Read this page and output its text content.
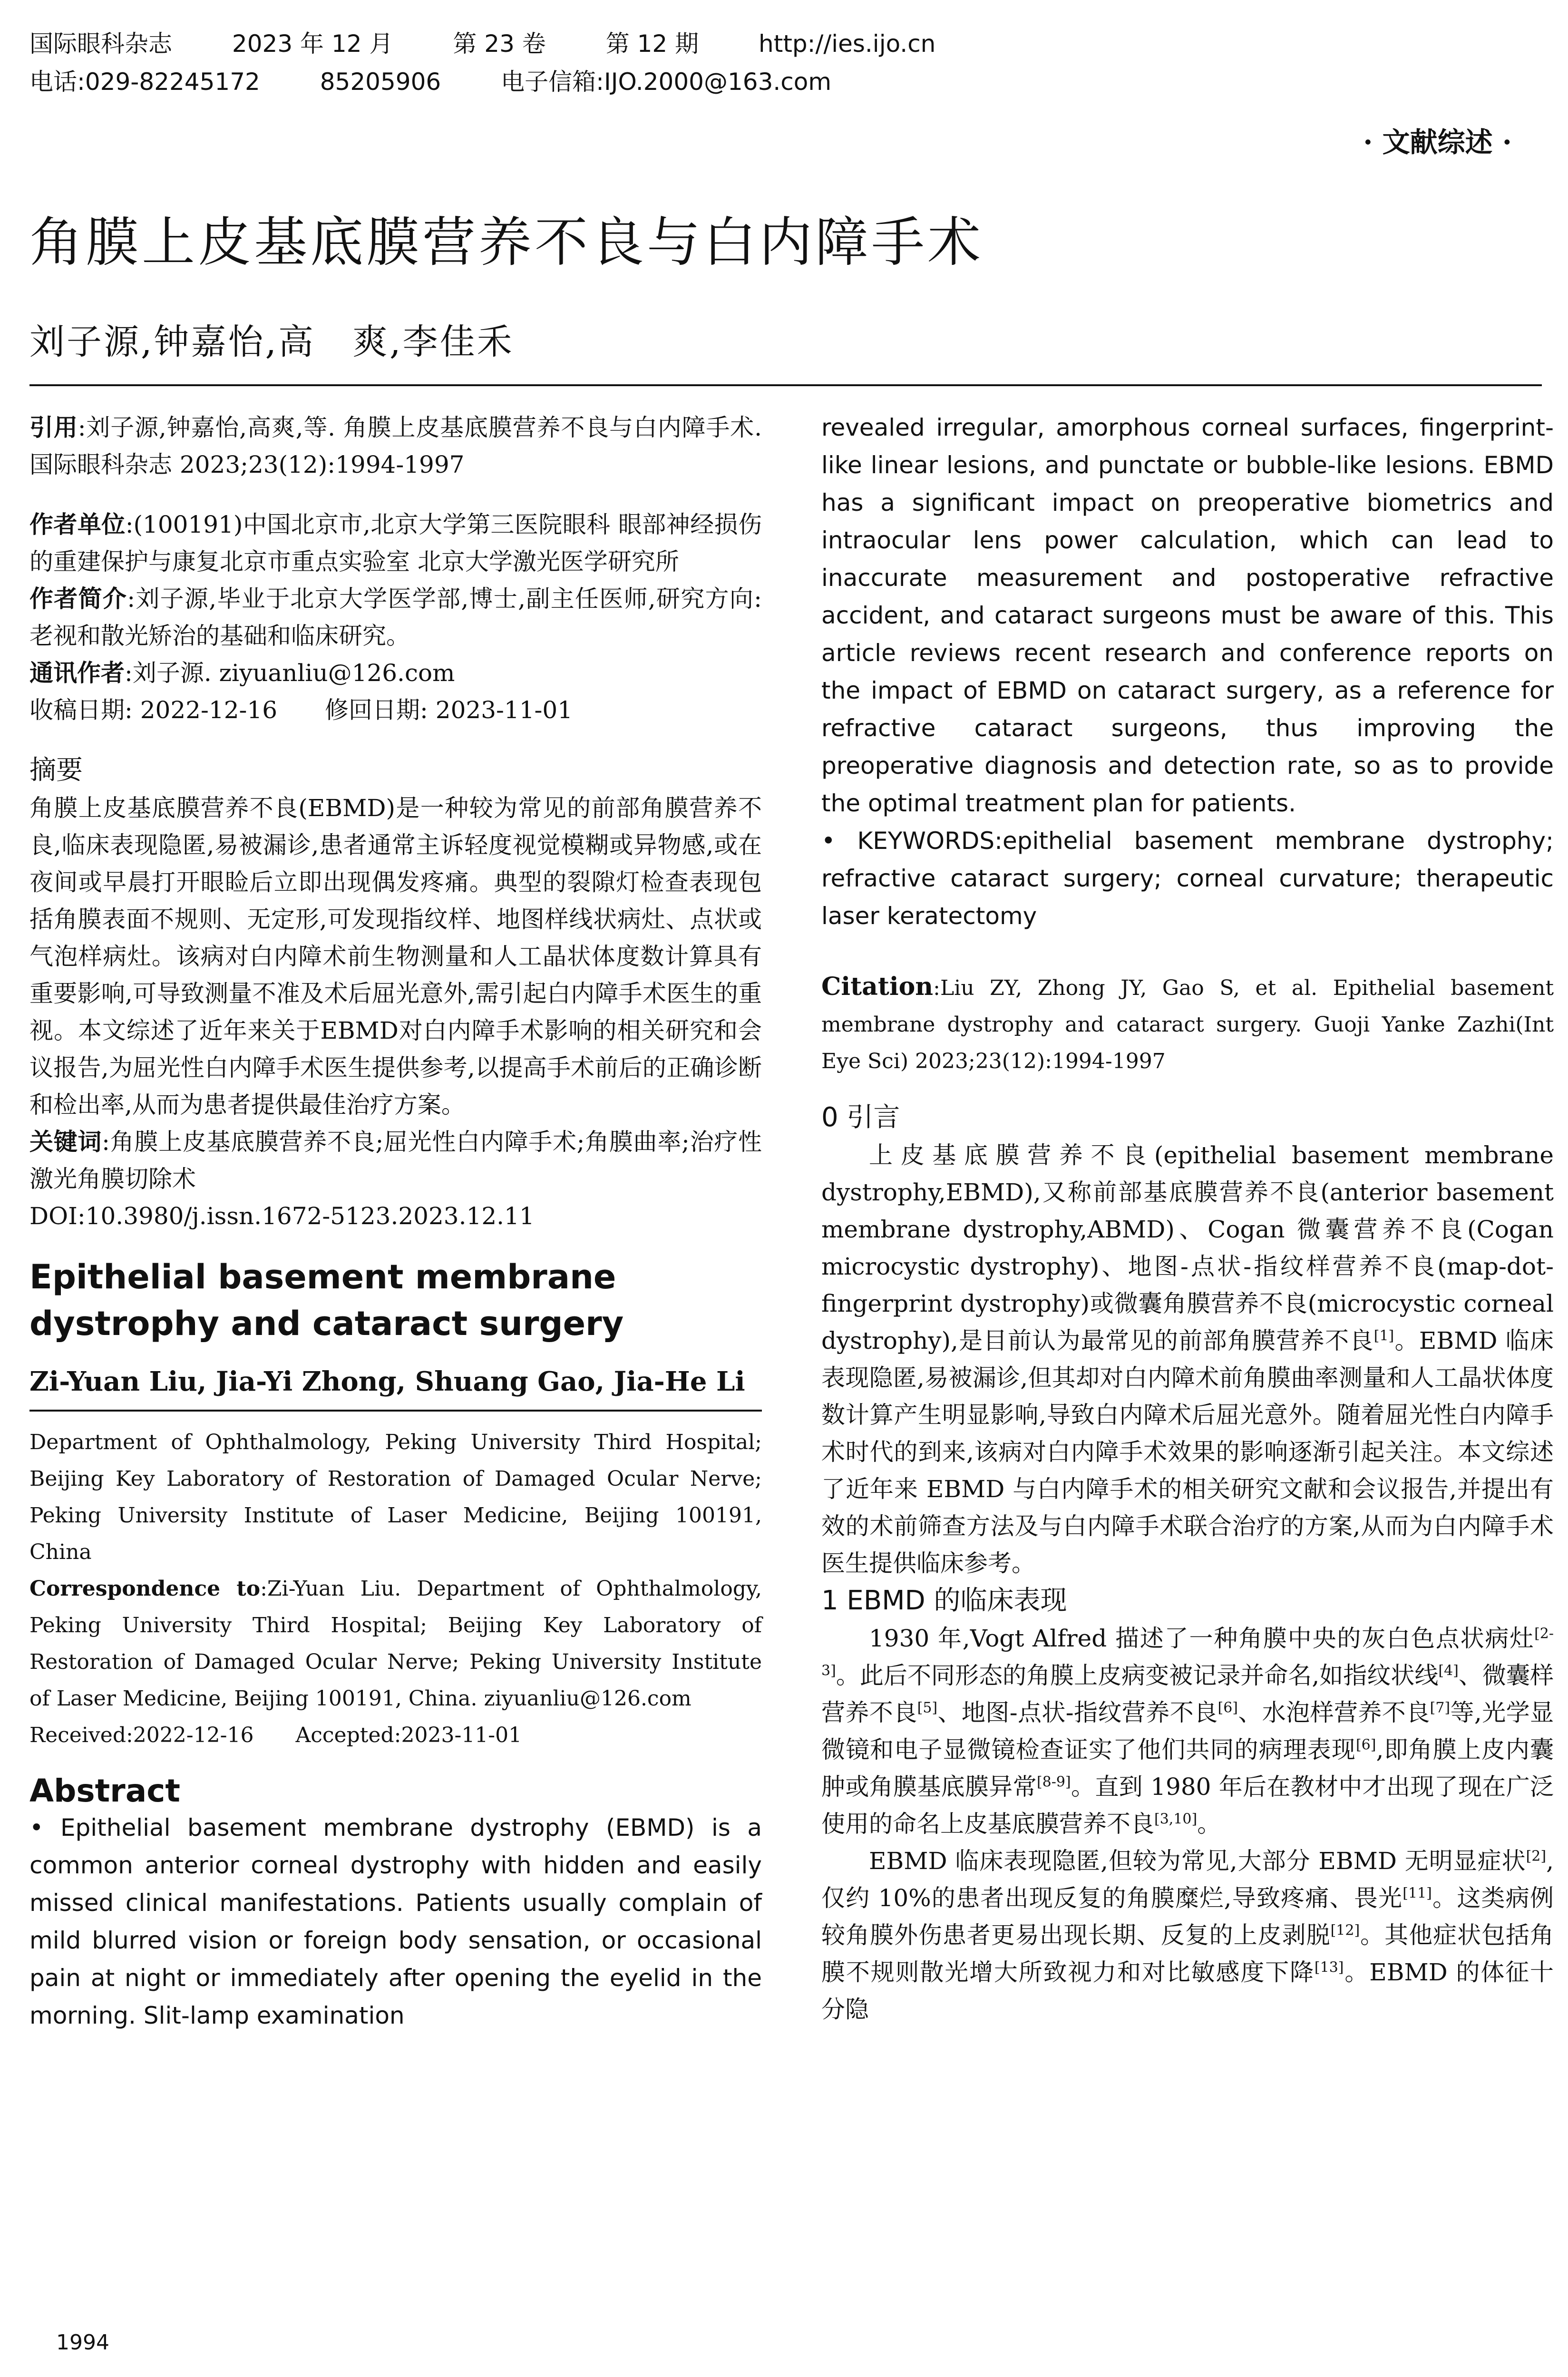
国际眼科杂志	2023 年 12 月	第 23 卷	第 12 期	http://ies.ijo.cn
电话:029-82245172	85205906	电子信箱:IJO.2000@163.com
· 文献综述 ·
角膜上皮基底膜营养不良与白内障手术
刘子源,钟嘉怡,高　爽,李佳禾

引用:刘子源,钟嘉怡,高爽,等. 角膜上皮基底膜营养不良与白内障手术. 国际眼科杂志 2023;23(12):1994-1997

作者单位:(100191)中国北京市,北京大学第三医院眼科 眼部神经损伤的重建保护与康复北京市重点实验室 北京大学激光医学研究所

作者简介:刘子源,毕业于北京大学医学部,博士,副主任医师,研究方向:老视和散光矫治的基础和临床研究。

通讯作者:刘子源. ziyuanliu@126.com

收稿日期: 2022-12-16　　修回日期: 2023-11-01

摘要

角膜上皮基底膜营养不良(EBMD)是一种较为常见的前部角膜营养不良,临床表现隐匿,易被漏诊,患者通常主诉轻度视觉模糊或异物感,或在夜间或早晨打开眼睑后立即出现偶发疼痛。典型的裂隙灯检查表现包括角膜表面不规则、无定形,可发现指纹样、地图样线状病灶、点状或气泡样病灶。该病对白内障术前生物测量和人工晶状体度数计算具有重要影响,可导致测量不准及术后屈光意外,需引起白内障手术医生的重视。本文综述了近年来关于EBMD对白内障手术影响的相关研究和会议报告,为屈光性白内障手术医生提供参考,以提高手术前后的正确诊断和检出率,从而为患者提供最佳治疗方案。

关键词:角膜上皮基底膜营养不良;屈光性白内障手术;角膜曲率;治疗性激光角膜切除术

DOI:10.3980/j.issn.1672-5123.2023.12.11

Epithelial basement membrane dystrophy and cataract surgery

Zi-Yuan Liu, Jia-Yi Zhong, Shuang Gao, Jia-He Li

Department of Ophthalmology, Peking University Third Hospital; Beijing Key Laboratory of Restoration of Damaged Ocular Nerve; Peking University Institute of Laser Medicine, Beijing 100191, China

Correspondence to:Zi-Yuan Liu. Department of Ophthalmology, Peking University Third Hospital; Beijing Key Laboratory of Restoration of Damaged Ocular Nerve; Peking University Institute of Laser Medicine, Beijing 100191, China. ziyuanliu@126.com

Received:2022-12-16　　Accepted:2023-11-01

Abstract

• Epithelial basement membrane dystrophy (EBMD) is a common anterior corneal dystrophy with hidden and easily missed clinical manifestations. Patients usually complain of mild blurred vision or foreign body sensation, or occasional pain at night or immediately after opening the eyelid in the morning. Slit-lamp examination

revealed irregular, amorphous corneal surfaces, fingerprint-like linear lesions, and punctate or bubble-like lesions. EBMD has a significant impact on preoperative biometrics and intraocular lens power calculation, which can lead to inaccurate measurement and postoperative refractive accident, and cataract surgeons must be aware of this. This article reviews recent research and conference reports on the impact of EBMD on cataract surgery, as a reference for refractive cataract surgeons, thus improving the preoperative diagnosis and detection rate, so as to provide the optimal treatment plan for patients.

• KEYWORDS:epithelial basement membrane dystrophy; refractive cataract surgery; corneal curvature; therapeutic laser keratectomy

Citation:Liu ZY, Zhong JY, Gao S, et al. Epithelial basement membrane dystrophy and cataract surgery. Guoji Yanke Zazhi(Int Eye Sci) 2023;23(12):1994-1997

0 引言

上皮基底膜营养不良(epithelial basement membrane dystrophy,EBMD),又称前部基底膜营养不良(anterior basement membrane dystrophy,ABMD)、Cogan 微囊营养不良(Cogan microcystic dystrophy)、地图-点状-指纹样营养不良(map-dot-fingerprint dystrophy)或微囊角膜营养不良(microcystic corneal dystrophy),是目前认为最常见的前部角膜营养不良[1]。EBMD 临床表现隐匿,易被漏诊,但其却对白内障术前角膜曲率测量和人工晶状体度数计算产生明显影响,导致白内障术后屈光意外。随着屈光性白内障手术时代的到来,该病对白内障手术效果的影响逐渐引起关注。本文综述了近年来 EBMD 与白内障手术的相关研究文献和会议报告,并提出有效的术前筛查方法及与白内障手术联合治疗的方案,从而为白内障手术医生提供临床参考。

1 EBMD 的临床表现

1930 年,Vogt Alfred 描述了一种角膜中央的灰白色点状病灶[2-3]。此后不同形态的角膜上皮病变被记录并命名,如指纹状线[4]、微囊样营养不良[5]、地图-点状-指纹营养不良[6]、水泡样营养不良[7]等,光学显微镜和电子显微镜检查证实了他们共同的病理表现[6],即角膜上皮内囊肿或角膜基底膜异常[8-9]。直到 1980 年后在教材中才出现了现在广泛使用的命名上皮基底膜营养不良[3,10]。

EBMD 临床表现隐匿,但较为常见,大部分 EBMD 无明显症状[2],仅约 10%的患者出现反复的角膜糜烂,导致疼痛、畏光[11]。这类病例较角膜外伤患者更易出现长期、反复的上皮剥脱[12]。其他症状包括角膜不规则散光增大所致视力和对比敏感度下降[13]。EBMD 的体征十分隐

1994
